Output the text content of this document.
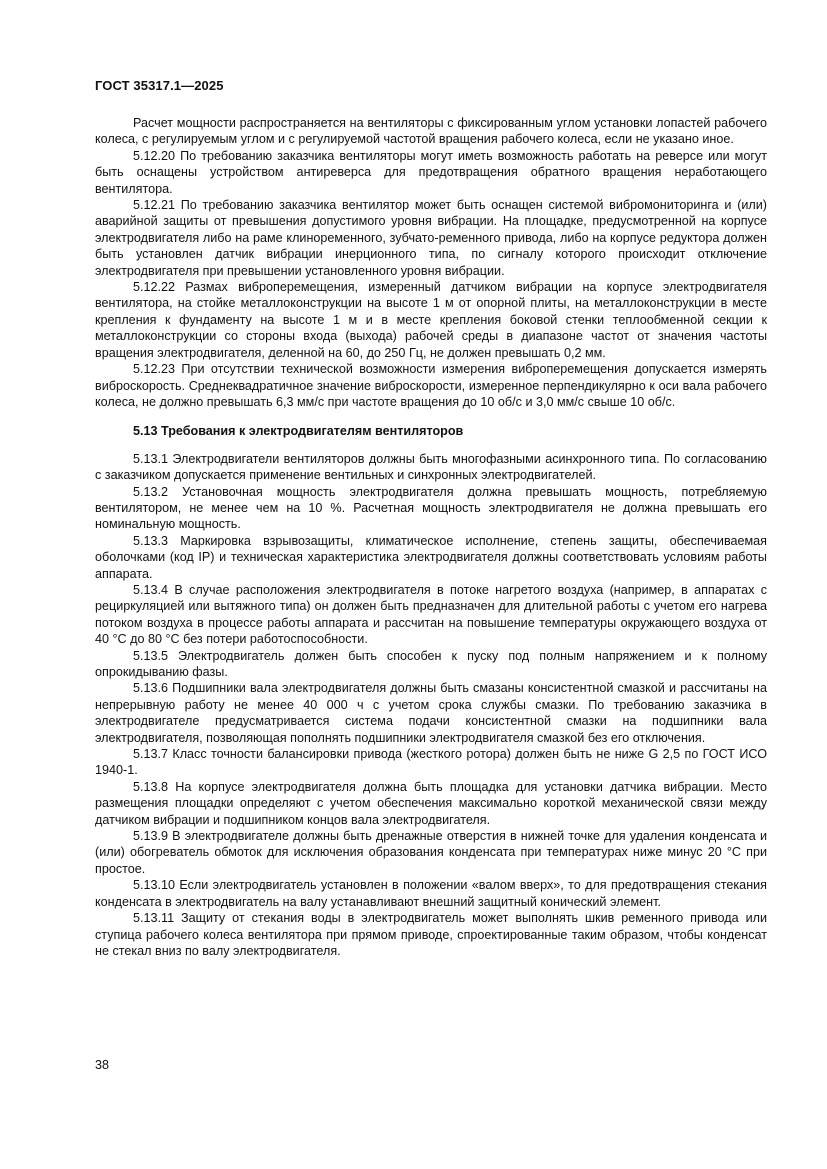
ГОСТ 35317.1—2025

Расчет мощности распространяется на вентиляторы с фиксированным углом установки лопастей рабочего колеса, с регулируемым углом и с регулируемой частотой вращения рабочего колеса, если не указано иное.

5.12.20 По требованию заказчика вентиляторы могут иметь возможность работать на реверсе или могут быть оснащены устройством антиреверса для предотвращения обратного вращения неработающего вентилятора.

5.12.21 По требованию заказчика вентилятор может быть оснащен системой вибромониторинга и (или) аварийной защиты от превышения допустимого уровня вибрации. На площадке, предусмотренной на корпусе электродвигателя либо на раме клиноременного, зубчато-ременного привода, либо на корпусе редуктора должен быть установлен датчик вибрации инерционного типа, по сигналу которого происходит отключение электродвигателя при превышении установленного уровня вибрации.

5.12.22 Размах виброперемещения, измеренный датчиком вибрации на корпусе электродвигателя вентилятора, на стойке металлоконструкции на высоте 1 м от опорной плиты, на металлоконструкции в месте крепления к фундаменту на высоте 1 м и в месте крепления боковой стенки теплообменной секции к металлоконструкции со стороны входа (выхода) рабочей среды в диапазоне частот от значения частоты вращения электродвигателя, деленной на 60, до 250 Гц, не должен превышать 0,2 мм.

5.12.23 При отсутствии технической возможности измерения виброперемещения допускается измерять виброскорость. Среднеквадратичное значение виброскорости, измеренное перпендикулярно к оси вала рабочего колеса, не должно превышать 6,3 мм/с при частоте вращения до 10 об/с и 3,0 мм/с свыше 10 об/с.

5.13 Требования к электродвигателям вентиляторов

5.13.1 Электродвигатели вентиляторов должны быть многофазными асинхронного типа. По согласованию с заказчиком допускается применение вентильных и синхронных электродвигателей.

5.13.2 Установочная мощность электродвигателя должна превышать мощность, потребляемую вентилятором, не менее чем на 10 %. Расчетная мощность электродвигателя не должна превышать его номинальную мощность.

5.13.3 Маркировка взрывозащиты, климатическое исполнение, степень защиты, обеспечиваемая оболочками (код IP) и техническая характеристика электродвигателя должны соответствовать условиям работы аппарата.

5.13.4 В случае расположения электродвигателя в потоке нагретого воздуха (например, в аппаратах с рециркуляцией или вытяжного типа) он должен быть предназначен для длительной работы с учетом его нагрева потоком воздуха в процессе работы аппарата и рассчитан на повышение температуры окружающего воздуха от 40 °С до 80 °С без потери работоспособности.

5.13.5 Электродвигатель должен быть способен к пуску под полным напряжением и к полному опрокидыванию фазы.

5.13.6 Подшипники вала электродвигателя должны быть смазаны консистентной смазкой и рассчитаны на непрерывную работу не менее 40 000 ч с учетом срока службы смазки. По требованию заказчика в электродвигателе предусматривается система подачи консистентной смазки на подшипники вала электродвигателя, позволяющая пополнять подшипники электродвигателя смазкой без его отключения.

5.13.7 Класс точности балансировки привода (жесткого ротора) должен быть не ниже G 2,5 по ГОСТ ИСО 1940-1.

5.13.8 На корпусе электродвигателя должна быть площадка для установки датчика вибрации. Место размещения площадки определяют с учетом обеспечения максимально короткой механической связи между датчиком вибрации и подшипником концов вала электродвигателя.

5.13.9 В электродвигателе должны быть дренажные отверстия в нижней точке для удаления конденсата и (или) обогреватель обмоток для исключения образования конденсата при температурах ниже минус 20 °С при простое.

5.13.10 Если электродвигатель установлен в положении «валом вверх», то для предотвращения стекания конденсата в электродвигатель на валу устанавливают внешний защитный конический элемент.

5.13.11 Защиту от стекания воды в электродвигатель может выполнять шкив ременного привода или ступица рабочего колеса вентилятора при прямом приводе, спроектированные таким образом, чтобы конденсат не стекал вниз по валу электродвигателя.

38
